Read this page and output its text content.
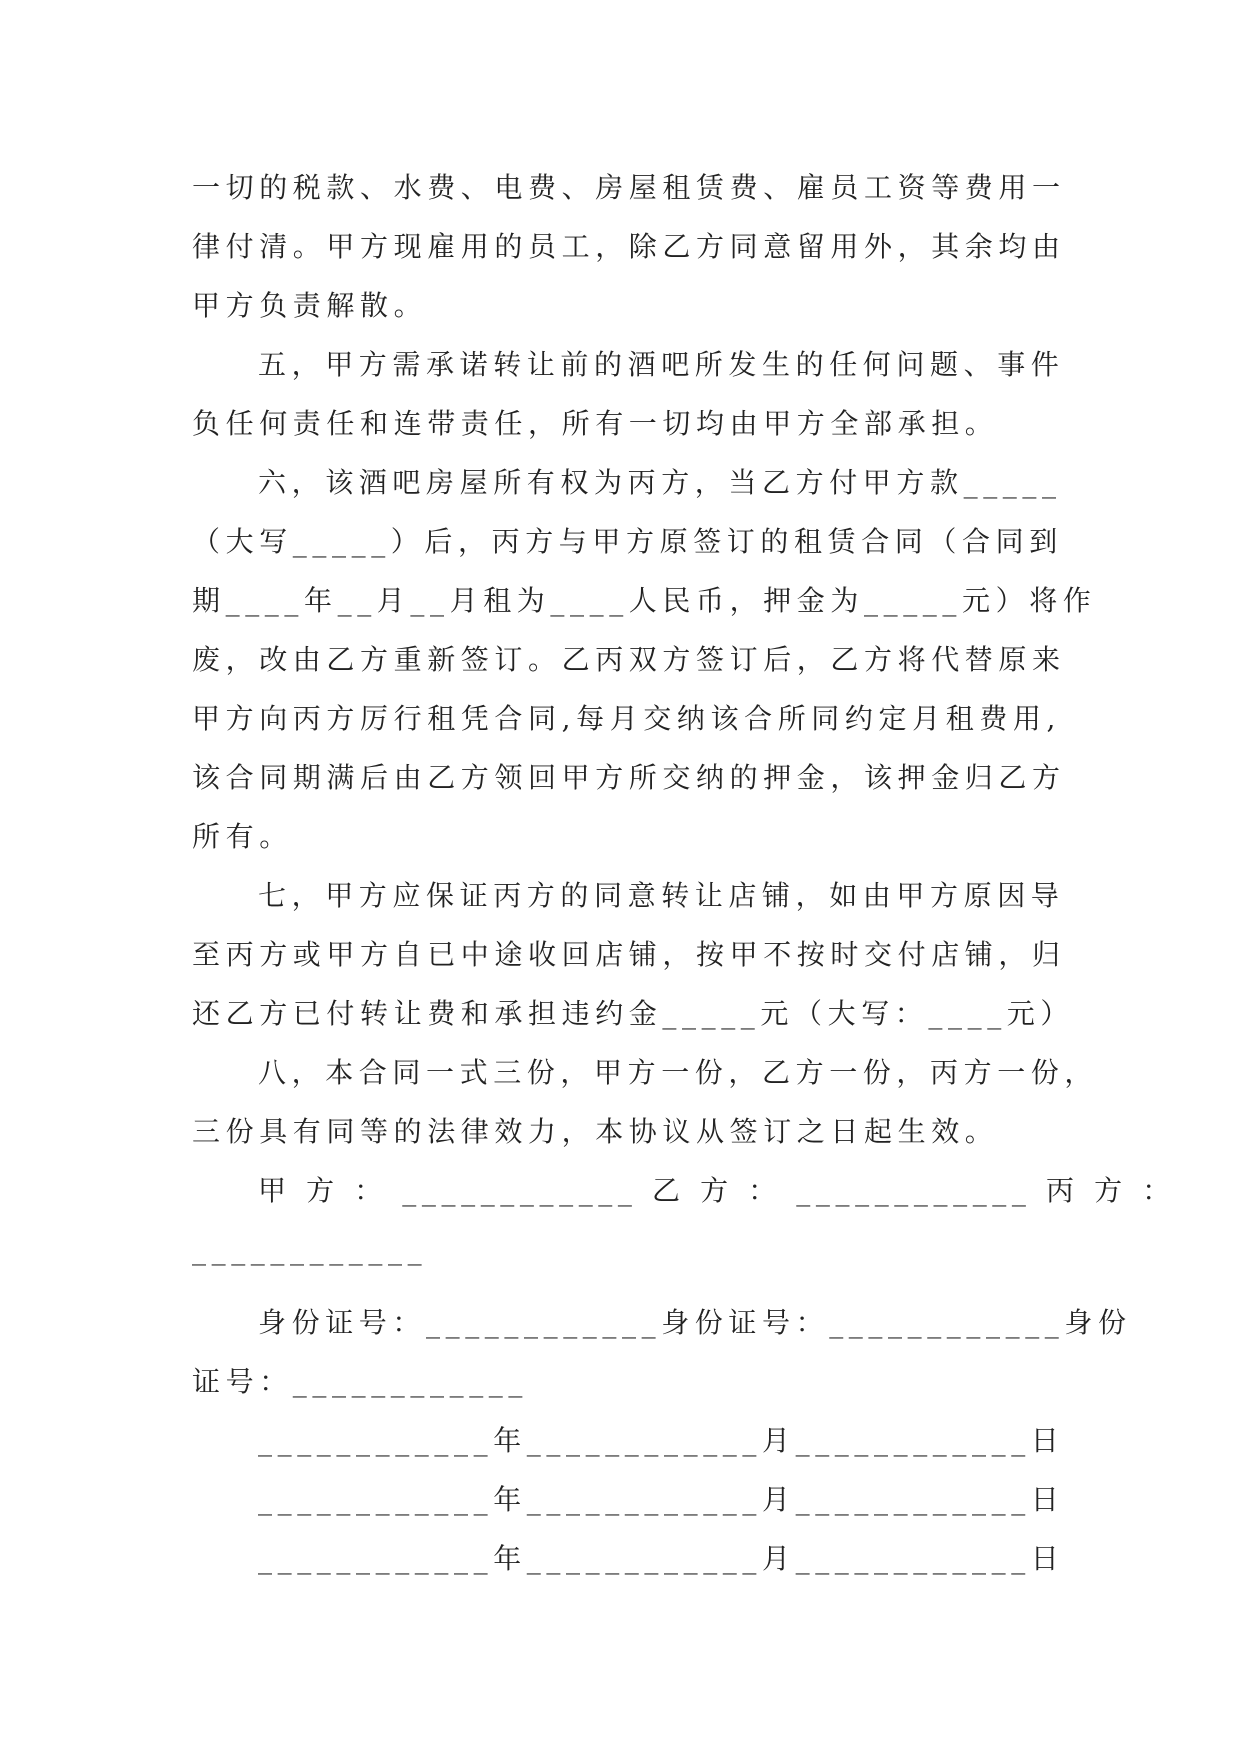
一切的税款、水费、电费、房屋租赁费、雇员工资等费用一
律付清。甲方现雇用的员工，除乙方同意留用外，其余均由
甲方负责解散。
五，甲方需承诺转让前的酒吧所发生的任何问题、事件
负任何责任和连带责任，所有一切均由甲方全部承担。
六，该酒吧房屋所有权为丙方，当乙方付甲方款_____
（大写_____）后，丙方与甲方原签订的租赁合同（合同到
期____年__月__月租为____人民币，押金为_____元）将作
废，改由乙方重新签订。乙丙双方签订后，乙方将代替原来
甲方向丙方厉行租凭合同,每月交纳该合所同约定月租费用,
该合同期满后由乙方领回甲方所交纳的押金，该押金归乙方
所有。
七，甲方应保证丙方的同意转让店铺，如由甲方原因导
至丙方或甲方自已中途收回店铺，按甲不按时交付店铺，归
还乙方已付转让费和承担违约金_____元（大写：____元）
八，本合同一式三份，甲方一份，乙方一份，丙方一份，
三份具有同等的法律效力，本协议从签订之日起生效。
甲 方 ： ____________ 乙 方 ： ____________ 丙 方 ：
____________
身份证号：____________身份证号：____________身份
证号：____________
____________年____________月____________日
____________年____________月____________日
____________年____________月____________日
